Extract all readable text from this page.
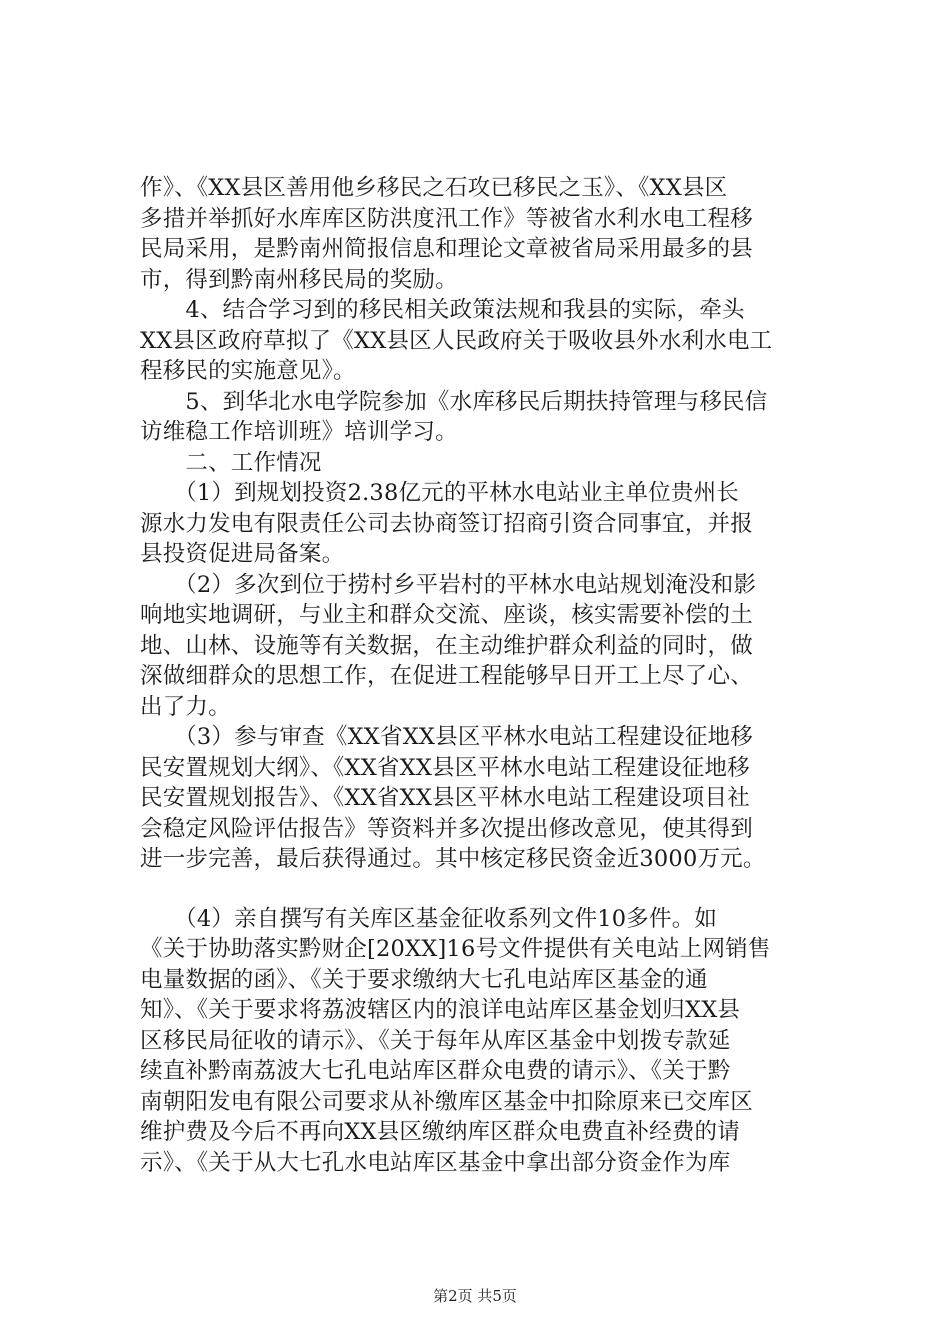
作》、《XX县区善用他乡移民之石攻已移民之玉》、《XX县区
多措并举抓好水库库区防洪度汛工作》等被省水利水电工程移
民局采用，是黔南州简报信息和理论文章被省局采用最多的县
市，得到黔南州移民局的奖励。
　　4、结合学习到的移民相关政策法规和我县的实际，牵头
XX县区政府草拟了《XX县区人民政府关于吸收县外水利水电工
程移民的实施意见》。
　　5、到华北水电学院参加《水库移民后期扶持管理与移民信
访维稳工作培训班》培训学习。
　　二、工作情况
　　（1）到规划投资2.38亿元的平林水电站业主单位贵州长
源水力发电有限责任公司去协商签订招商引资合同事宜，并报
县投资促进局备案。
　　（2）多次到位于捞村乡平岩村的平林水电站规划淹没和影
响地实地调研，与业主和群众交流、座谈，核实需要补偿的土
地、山林、设施等有关数据，在主动维护群众利益的同时，做
深做细群众的思想工作，在促进工程能够早日开工上尽了心、
出了力。
　　（3）参与审查《XX省XX县区平林水电站工程建设征地移
民安置规划大纲》、《XX省XX县区平林水电站工程建设征地移
民安置规划报告》、《XX省XX县区平林水电站工程建设项目社
会稳定风险评估报告》等资料并多次提出修改意见，使其得到
进一步完善，最后获得通过。其中核定移民资金近3000万元。
　　（4）亲自撰写有关库区基金征收系列文件10多件。如
《关于协助落实黔财企[20XX]16号文件提供有关电站上网销售
电量数据的函》、《关于要求缴纳大七孔电站库区基金的通
知》、《关于要求将荔波辖区内的浪详电站库区基金划归XX县
区移民局征收的请示》、《关于每年从库区基金中划拨专款延
续直补黔南荔波大七孔电站库区群众电费的请示》、《关于黔
南朝阳发电有限公司要求从补缴库区基金中扣除原来已交库区
维护费及今后不再向XX县区缴纳库区群众电费直补经费的请
示》、《关于从大七孔水电站库区基金中拿出部分资金作为库
第2页 共5页
